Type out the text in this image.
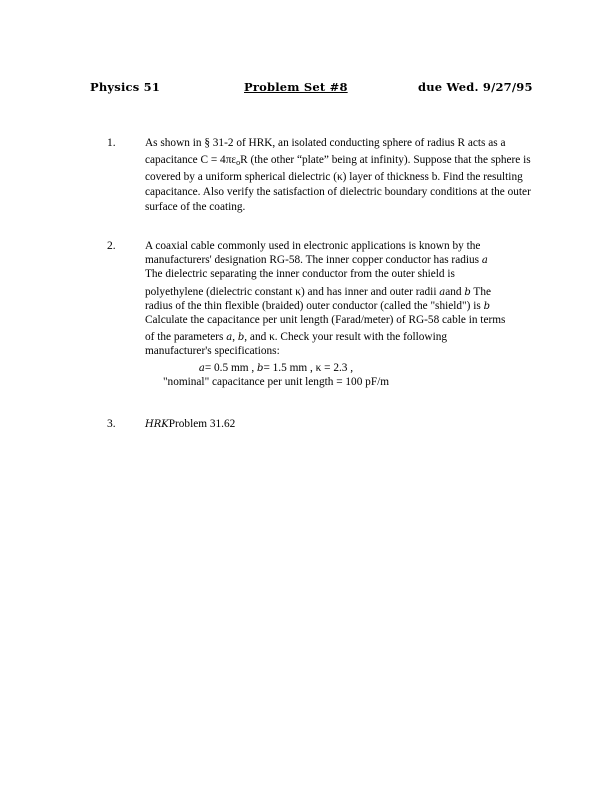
Physics 51	Problem Set #8	due Wed. 9/27/95
1.	As shown in § 31-2 of HRK, an isolated conducting sphere of radius R acts as a
capacitance $C = 4\pi\varepsilon_oR$ (the other “plate” being at infinity). Suppose that the sphere is
covered by a uniform spherical dielectric (κ) layer of thickness b. Find the resulting
capacitance. Also verify the satisfaction of dielectric boundary conditions at the outer
surface of the coating.
2.	A coaxial cable commonly used in electronic applications is known by the
manufacturers' designation RG-58. The inner copper conductor has radius a
The dielectric separating the inner conductor from the outer shield is
polyethylene (dielectric constant κ) and has inner and outer radii aand b The
radius of the thin flexible (braided) outer conductor (called the "shield") is b
Calculate the capacitance per unit length (Farad/meter) of RG-58 cable in terms
of the parameters a, b, and κ. Check your result with the following
manufacturer's specifications:
a= 0.5 mm , b= 1.5 mm , κ = 2.3 ,
"nominal" capacitance per unit length = 100 pF/m
3.	HRKProblem 31.62
